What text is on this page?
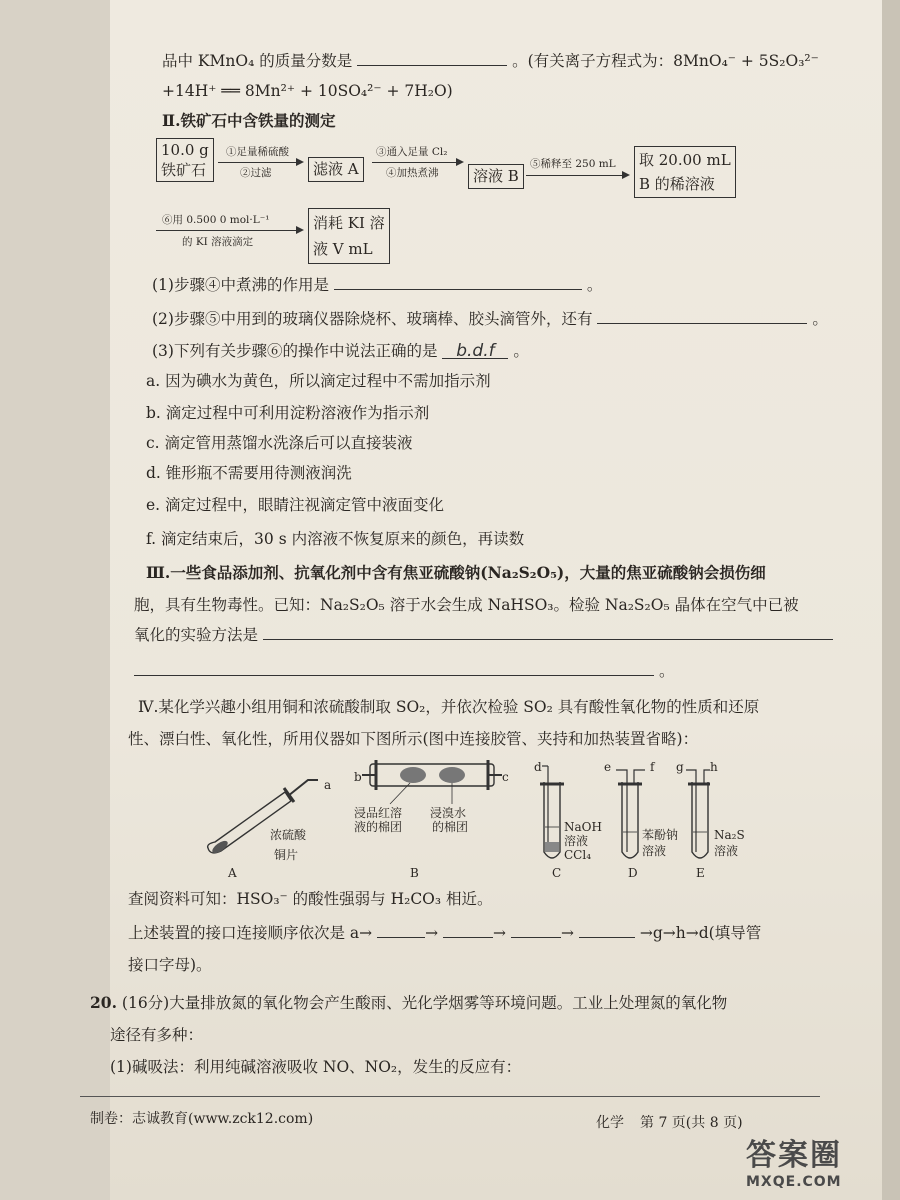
品中 KMnO₄ 的质量分数是	。(有关离子方程式为：8MnO₄⁻ + 5S₂O₃²⁻
+14H⁺ ══ 8Mn²⁺ + 10SO₄²⁻ + 7H₂O)
Ⅱ.铁矿石中含铁量的测定
10.0 g
铁矿石
①足量稀硫酸
②过滤	滤液 A
③通入足量 Cl₂
④加热煮沸	溶液 B
⑤稀释至 250 mL 取 20.00 mL
B 的稀溶液
⑥用 0.500 0 mol·L⁻¹
的 KI 溶液滴定
消耗 KI 溶
液 V mL
(1)步骤④中煮沸的作用是	。
(2)步骤⑤中用到的玻璃仪器除烧杯、玻璃棒、胶头滴管外，还有	。
(3)下列有关步骤⑥的操作中说法正确的是 b.d.f 。
a. 因为碘水为黄色，所以滴定过程中不需加指示剂
b. 滴定过程中可利用淀粉溶液作为指示剂
c. 滴定管用蒸馏水洗涤后可以直接装液
d. 锥形瓶不需要用待测液润洗
e. 滴定过程中，眼睛注视滴定管中液面变化
f. 滴定结束后，30 s 内溶液不恢复原来的颜色，再读数
Ⅲ.一些食品添加剂、抗氧化剂中含有焦亚硫酸钠(Na₂S₂O₅)，大量的焦亚硫酸钠会损伤细
胞，具有生物毒性。已知：Na₂S₂O₅ 溶于水会生成 NaHSO₃。检验 Na₂S₂O₅ 晶体在空气中已被
氧化的实验方法是
。
Ⅳ.某化学兴趣小组用铜和浓硫酸制取 SO₂，并依次检验 SO₂ 具有酸性氧化物的性质和还原
性、漂白性、氧化性，所用仪器如下图所示(图中连接胶管、夹持和加热装置省略)：
a
浓硫酸
铜片
A
b	c
浸品红溶
液的棉团
浸溴水
的棉团
B
d
NaOH
溶液
CCl₄
C
e	f
苯酚钠
溶液
D
g h
Na₂S
溶液
E
查阅资料可知：HSO₃⁻ 的酸性强弱与 H₂CO₃ 相近。
上述装置的接口连接顺序依次是 a→	→	→	→	→g→h→d(填导管
接口字母)。
20. (16分)大量排放氮的氧化物会产生酸雨、光化学烟雾等环境问题。工业上处理氮的氧化物
途径有多种：
(1)碱吸法：利用纯碱溶液吸收 NO、NO₂，发生的反应有：
制卷：志诚教育(www.zck12.com)	化学 第 7 页(共 8 页)
答案圈
MXQE.COM
